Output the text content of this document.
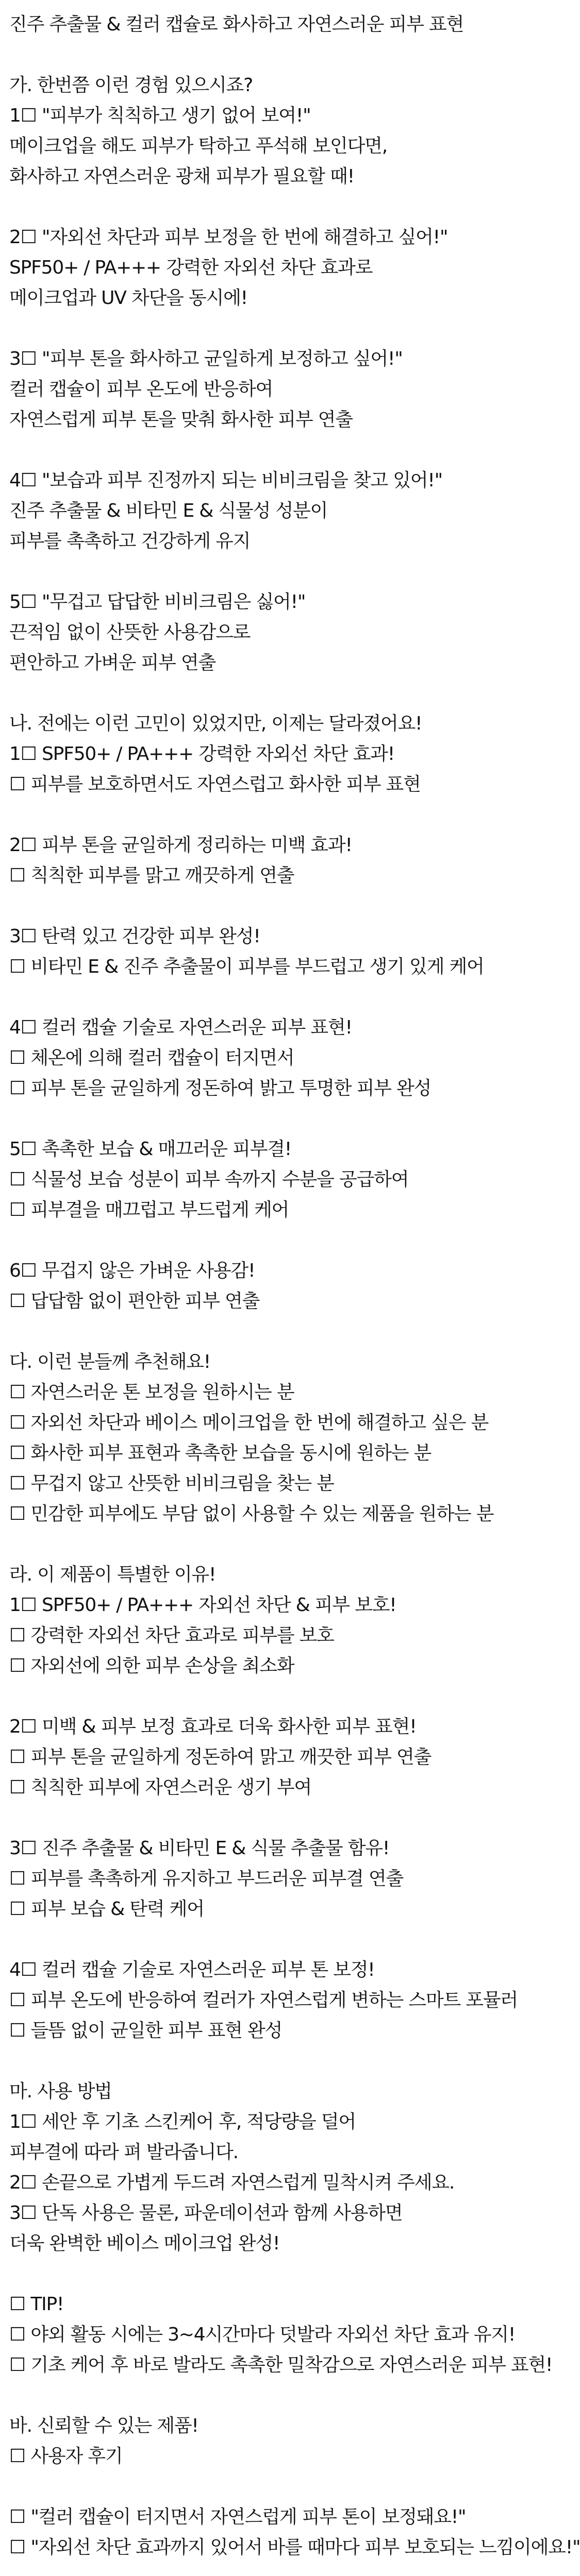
진주 추출물 & 컬러 캡슐로 화사하고 자연스러운 피부 표현
가. 한번쯤 이런 경험 있으시죠?
1☐ "피부가 칙칙하고 생기 없어 보여!"
메이크업을 해도 피부가 탁하고 푸석해 보인다면,
화사하고 자연스러운 광채 피부가 필요할 때!
2☐ "자외선 차단과 피부 보정을 한 번에 해결하고 싶어!"
SPF50+ / PA+++ 강력한 자외선 차단 효과로
메이크업과 UV 차단을 동시에!
3☐ "피부 톤을 화사하고 균일하게 보정하고 싶어!"
컬러 캡슐이 피부 온도에 반응하여
자연스럽게 피부 톤을 맞춰 화사한 피부 연출
4☐ "보습과 피부 진정까지 되는 비비크림을 찾고 있어!"
진주 추출물 & 비타민 E & 식물성 성분이
피부를 촉촉하고 건강하게 유지
5☐ "무겁고 답답한 비비크림은 싫어!"
끈적임 없이 산뜻한 사용감으로
편안하고 가벼운 피부 연출
나. 전에는 이런 고민이 있었지만, 이제는 달라졌어요!
1☐ SPF50+ / PA+++ 강력한 자외선 차단 효과!
☐ 피부를 보호하면서도 자연스럽고 화사한 피부 표현
2☐ 피부 톤을 균일하게 정리하는 미백 효과!
☐ 칙칙한 피부를 맑고 깨끗하게 연출
3☐ 탄력 있고 건강한 피부 완성!
☐ 비타민 E & 진주 추출물이 피부를 부드럽고 생기 있게 케어
4☐ 컬러 캡슐 기술로 자연스러운 피부 표현!
☐ 체온에 의해 컬러 캡슐이 터지면서
☐ 피부 톤을 균일하게 정돈하여 밝고 투명한 피부 완성
5☐ 촉촉한 보습 & 매끄러운 피부결!
☐ 식물성 보습 성분이 피부 속까지 수분을 공급하여
☐ 피부결을 매끄럽고 부드럽게 케어
6☐ 무겁지 않은 가벼운 사용감!
☐ 답답함 없이 편안한 피부 연출
다. 이런 분들께 추천해요!
☐ 자연스러운 톤 보정을 원하시는 분
☐ 자외선 차단과 베이스 메이크업을 한 번에 해결하고 싶은 분
☐ 화사한 피부 표현과 촉촉한 보습을 동시에 원하는 분
☐ 무겁지 않고 산뜻한 비비크림을 찾는 분
☐ 민감한 피부에도 부담 없이 사용할 수 있는 제품을 원하는 분
라. 이 제품이 특별한 이유!
1☐ SPF50+ / PA+++ 자외선 차단 & 피부 보호!
☐ 강력한 자외선 차단 효과로 피부를 보호
☐ 자외선에 의한 피부 손상을 최소화
2☐ 미백 & 피부 보정 효과로 더욱 화사한 피부 표현!
☐ 피부 톤을 균일하게 정돈하여 맑고 깨끗한 피부 연출
☐ 칙칙한 피부에 자연스러운 생기 부여
3☐ 진주 추출물 & 비타민 E & 식물 추출물 함유!
☐ 피부를 촉촉하게 유지하고 부드러운 피부결 연출
☐ 피부 보습 & 탄력 케어
4☐ 컬러 캡슐 기술로 자연스러운 피부 톤 보정!
☐ 피부 온도에 반응하여 컬러가 자연스럽게 변하는 스마트 포뮬러
☐ 들뜸 없이 균일한 피부 표현 완성
마. 사용 방법
1☐ 세안 후 기초 스킨케어 후, 적당량을 덜어
피부결에 따라 펴 발라줍니다.
2☐ 손끝으로 가볍게 두드려 자연스럽게 밀착시켜 주세요.
3☐ 단독 사용은 물론, 파운데이션과 함께 사용하면
더욱 완벽한 베이스 메이크업 완성!
☐ TIP!
☐ 야외 활동 시에는 3~4시간마다 덧발라 자외선 차단 효과 유지!
☐ 기초 케어 후 바로 발라도 촉촉한 밀착감으로 자연스러운 피부 표현!
바. 신뢰할 수 있는 제품!
☐ 사용자 후기
☐ "컬러 캡슐이 터지면서 자연스럽게 피부 톤이 보정돼요!"
☐ "자외선 차단 효과까지 있어서 바를 때마다 피부 보호되는 느낌이에요!"
